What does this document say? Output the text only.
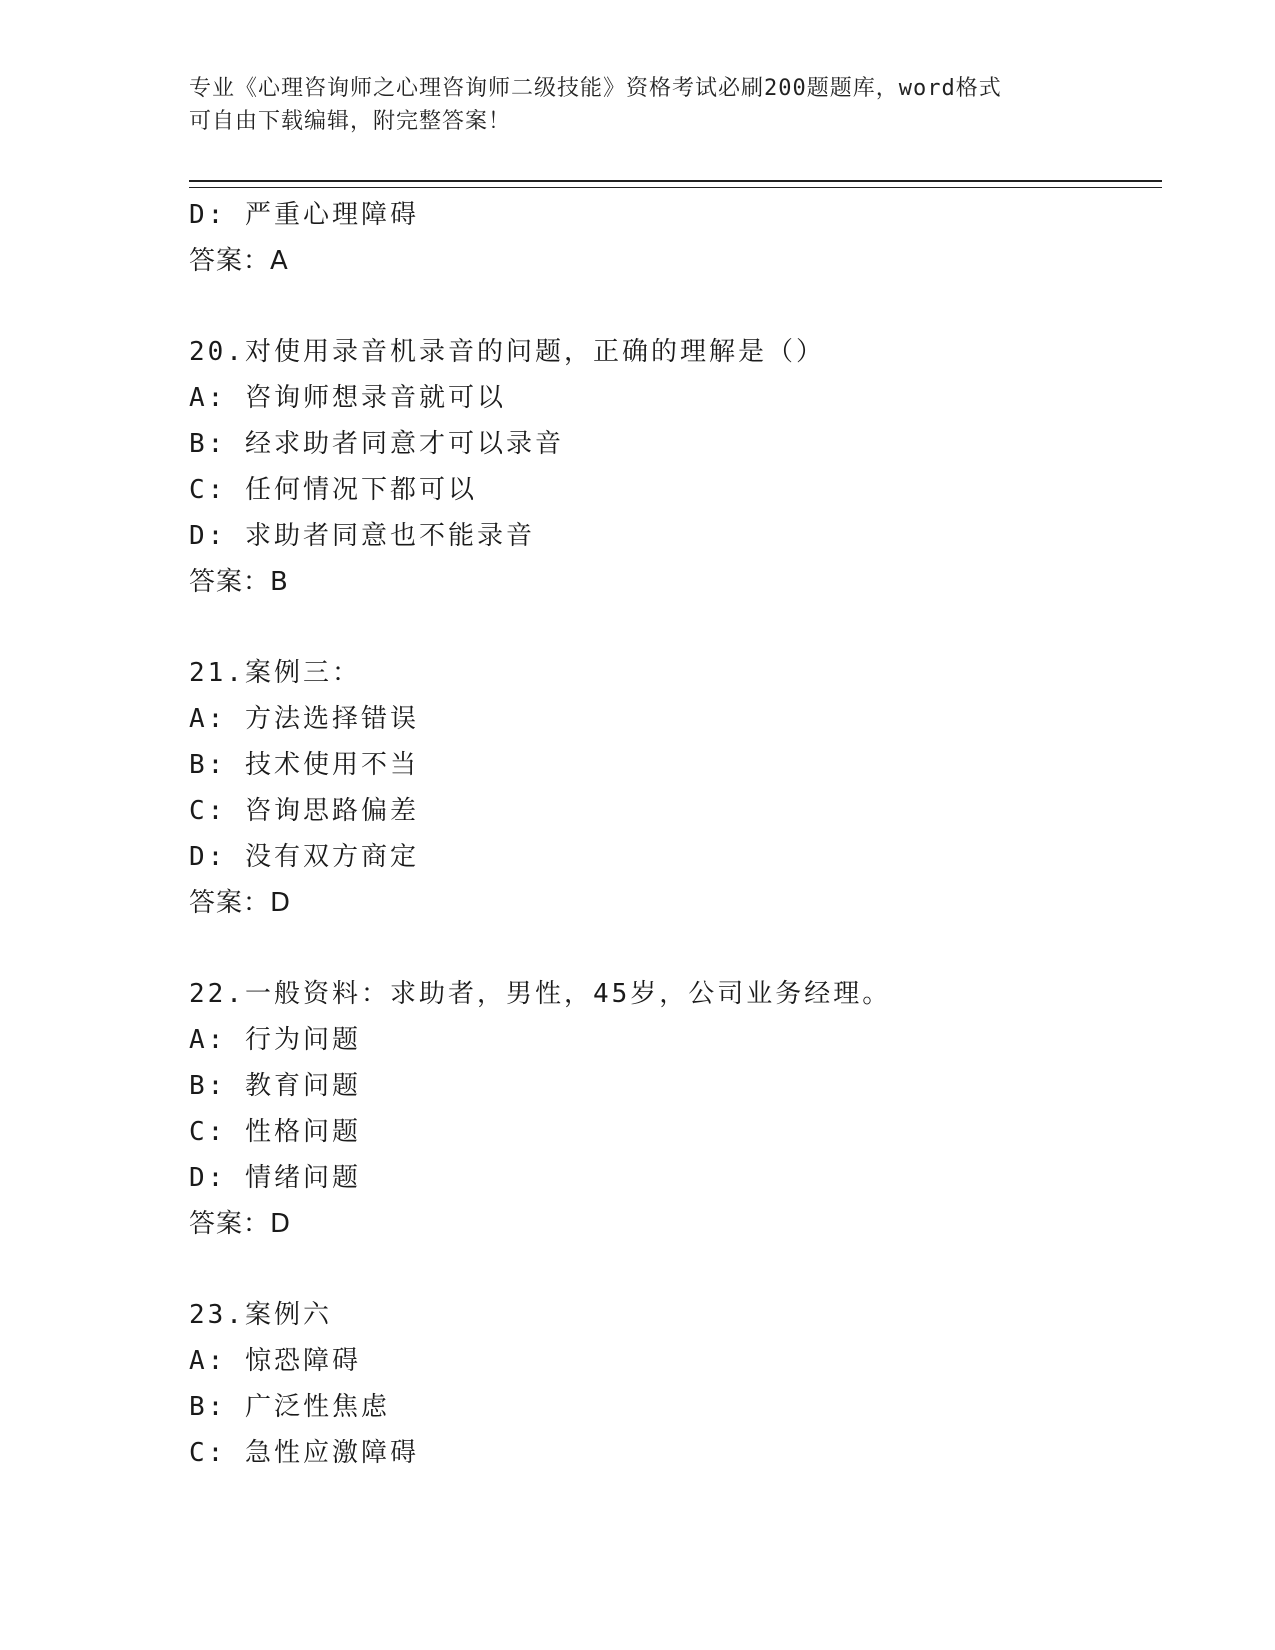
专业《心理咨询师之心理咨询师二级技能》资格考试必刷200题题库，word格式
可自由下载编辑，附完整答案！
D: 严重心理障碍
答案：A
20.对使用录音机录音的问题，正确的理解是（）
A: 咨询师想录音就可以
B: 经求助者同意才可以录音
C: 任何情况下都可以
D: 求助者同意也不能录音
答案：B
21.案例三：
A: 方法选择错误
B: 技术使用不当
C: 咨询思路偏差
D: 没有双方商定
答案：D
22.一般资料：求助者，男性，45岁，公司业务经理。
A: 行为问题
B: 教育问题
C: 性格问题
D: 情绪问题
答案：D
23.案例六
A: 惊恐障碍
B: 广泛性焦虑
C: 急性应激障碍
